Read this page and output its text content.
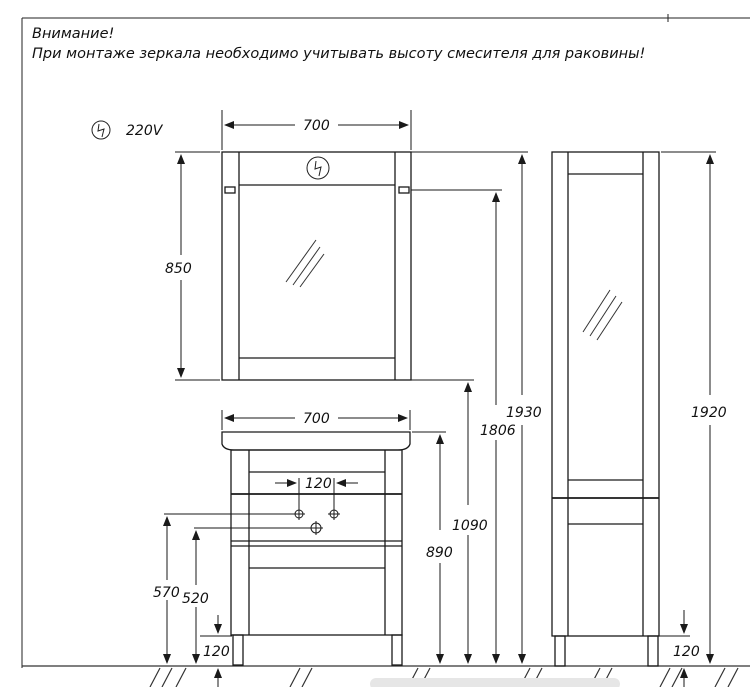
Внимание!
При монтаже зеркала необходимо учитывать высоту смесителя для раковины!
220V	700
850
120
700
570 520
120
890
1090
1806
1930	1920
120
